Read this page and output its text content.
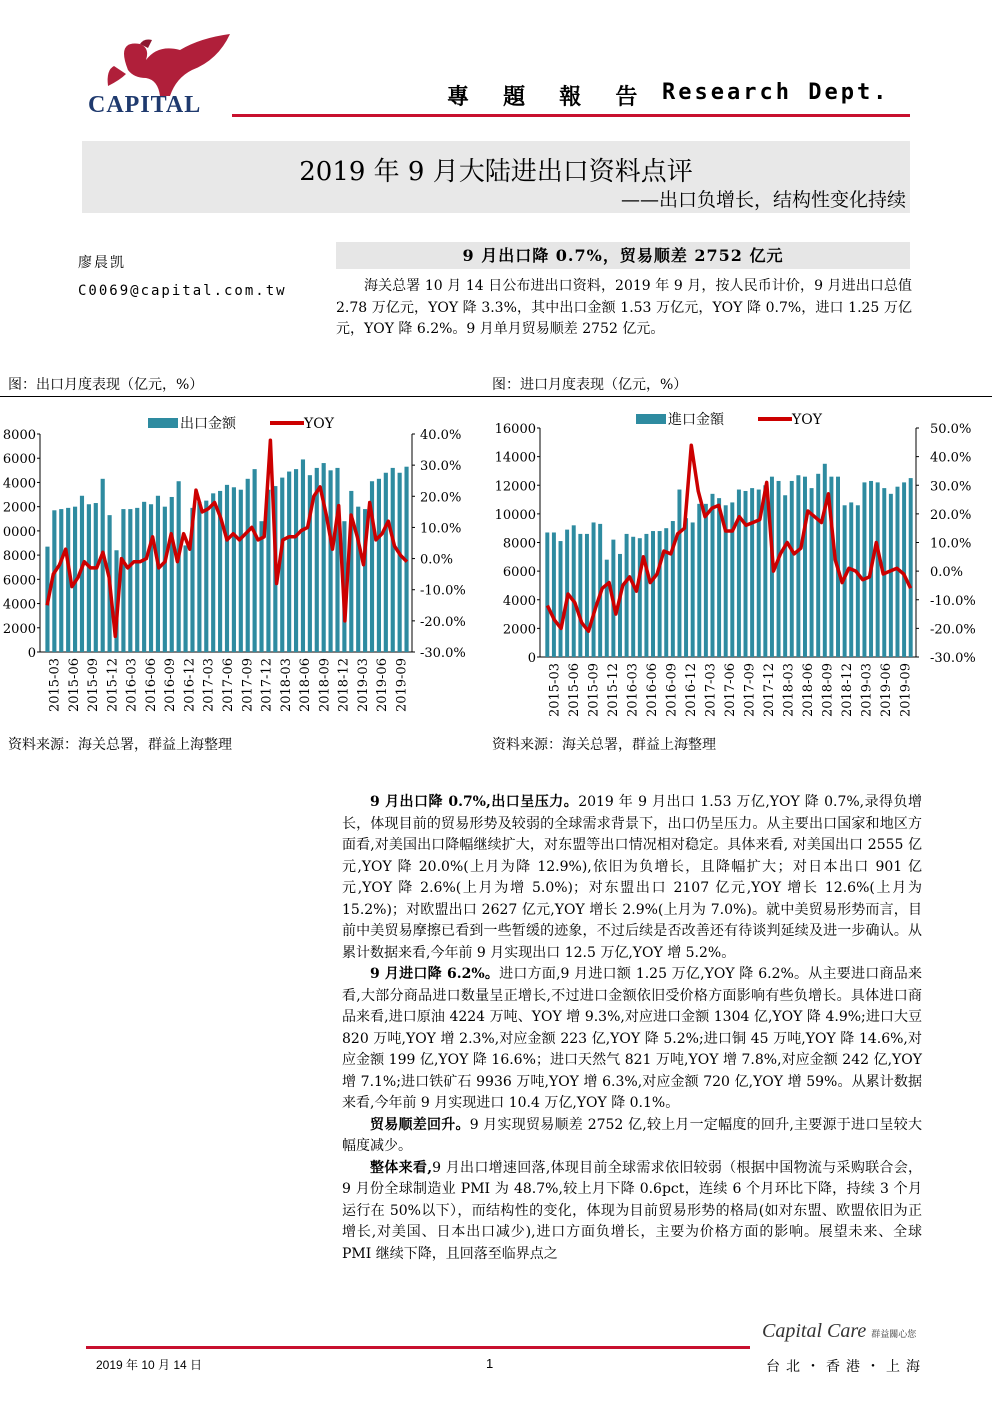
CAPITAL	專 題 報 告 Research Dept.
2019 年 9 月大陆进出口资料点评
——出口负增长，结构性变化持续
廖晨凯
C0069@capital.com.tw
9 月出口降 0.7%，贸易顺差 2752 亿元
海关总署 10 月 14 日公布进出口资料，2019 年 9 月，按人民币计价，9 月进出口总值 2.78 万亿元，YOY 降 3.3%，其中出口金额 1.53 万亿元，YOY 降 0.7%，进口 1.25 万亿元，YOY 降 6.2%。9 月单月贸易顺差 2752 亿元。
图：出口月度表现（亿元，%）	图：进口月度表现（亿元，%）
0
2000
4000
6000
8000
0000
2000
4000
6000
8000	40.0%
30.0%
20.0%
10.0%
0.0%
-10.0%
-20.0%
-30.0%
2015-03 2015-06 2015-09 2015-12 2016-03 2016-06 2016-09 2016-12 2017-03 2017-06 2017-09 2017-12 2018-03 2018-06 2018-09 2018-12 2019-03 2019-06 2019-09
出口金额	YOY
0
2000
4000
6000
8000
10000
12000
14000
16000	50.0%
40.0%
30.0%
20.0%
10.0%
0.0%
-10.0%
-20.0%
-30.0%
2015-03 2015-06 2015-09 2015-12 2016-03 2016-06 2016-09 2016-12 2017-03 2017-06 2017-09 2017-12 2018-03 2018-06 2018-09 2018-12 2019-03 2019-06 2019-09
進口金額	YOY
资料来源：海关总署，群益上海整理	资料来源：海关总署，群益上海整理

9 月出口降 0.7%,出口呈压力。2019 年 9 月出口 1.53 万亿,YOY 降 0.7%,录得负增长，体现目前的贸易形势及较弱的全球需求背景下，出口仍呈压力。从主要出口国家和地区方面看,对美国出口降幅继续扩大，对东盟等出口情况相对稳定。具体来看, 对美国出口 2555 亿元,YOY 降 20.0%(上月为降 12.9%),依旧为负增长，且降幅扩大；对日本出口 901 亿元,YOY 降 2.6%(上月为增 5.0%)；对东盟出口 2107 亿元,YOY 增长 12.6%(上月为 15.2%)；对欧盟出口 2627 亿元,YOY 增长 2.9%(上月为 7.0%)。就中美贸易形势而言，目前中美贸易摩擦已看到一些暂缓的迹象，不过后续是否改善还有待谈判延续及进一步确认。从累计数据来看,今年前 9 月实现出口 12.5 万亿,YOY 增 5.2%。

9 月进口降 6.2%。进口方面,9 月进口额 1.25 万亿,YOY 降 6.2%。从主要进口商品来看,大部分商品进口数量呈正增长,不过进口金额依旧受价格方面影响有些负增长。具体进口商品来看,进口原油 4224 万吨、YOY 增 9.3%,对应进口金额 1304 亿,YOY 降 4.9%;进口大豆 820 万吨,YOY 增 2.3%,对应金额 223 亿,YOY 降 5.2%;进口铜 45 万吨,YOY 降 14.6%,对应金额 199 亿,YOY 降 16.6%；进口天然气 821 万吨,YOY 增 7.8%,对应金额 242 亿,YOY 增 7.1%;进口铁矿石 9936 万吨,YOY 增 6.3%,对应金额 720 亿,YOY 增 59%。从累计数据来看,今年前 9 月实现进口 10.4 万亿,YOY 降 0.1%。

贸易顺差回升。9 月实现贸易顺差 2752 亿,较上月一定幅度的回升,主要源于进口呈较大幅度减少。

整体来看,9 月出口增速回落,体现目前全球需求依旧较弱（根据中国物流与采购联合会， 9 月份全球制造业 PMI 为 48.7%,较上月下降 0.6pct，连续 6 个月环比下降，持续 3 个月运行在 50%以下），而结构性的变化，体现为目前贸易形势的格局(如对东盟、欧盟依旧为正增长,对美国、日本出口减少),进口方面负增长，主要为价格方面的影响。展望未来、全球 PMI 继续下降，且回落至临界点之

Capital Care 群益關心您
2019 年 10 月 14 日	1	台北・香港・上海
